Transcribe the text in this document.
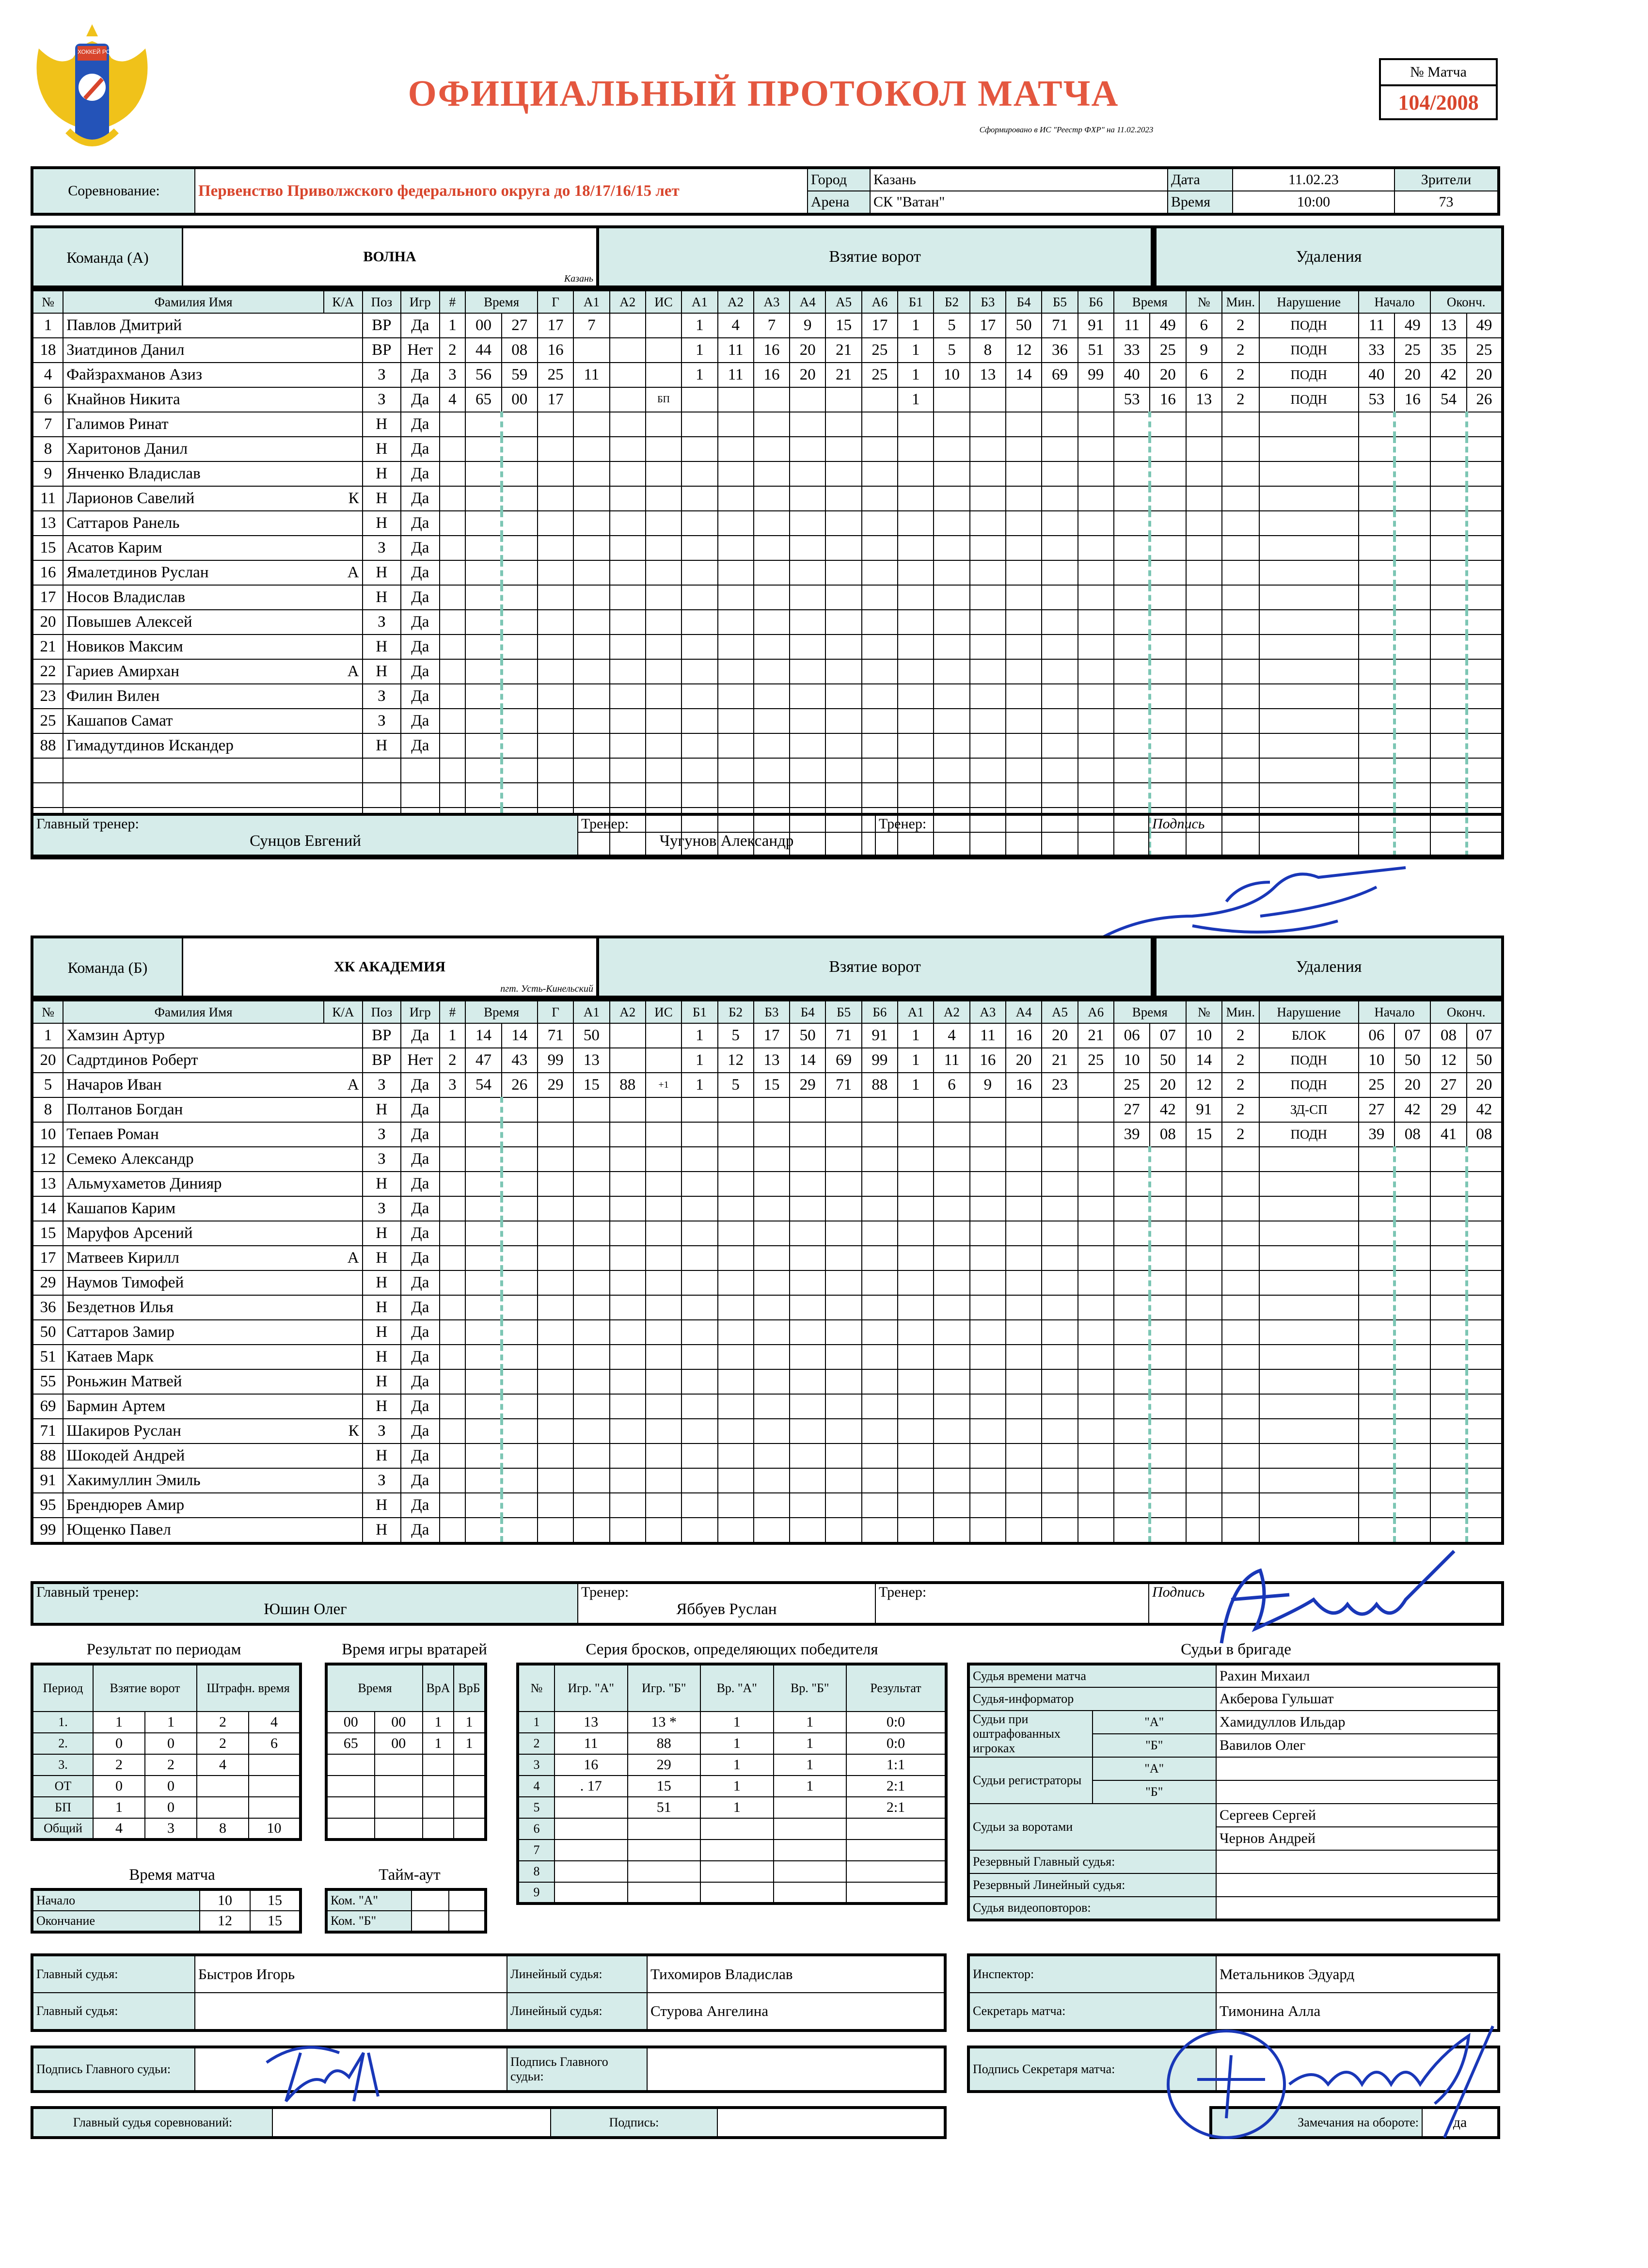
ХОККЕЙ РОССИИ
ОФИЦИАЛЬНЫЙ ПРОТОКОЛ МАТЧА
Сформировано в ИС "Реестр ФХР" на 11.02.2023
№ Матча
104/2008
Соревнование:	Первенство Приволжского федерального округа до 18/17/16/15 лет	Город	Казань	Дата	11.02.23	Зрители
		Арена	СК "Ватан"	Время	10:00	73
Команда (А)	ВОЛНА
Казань
Взятие ворот	Удаления
№	Фамилия Имя	К/А	Поз	Игр	#	Время		Г	А1	А2	ИС	А1	А2	А3	А4	А5	А6	Б1	Б2	Б3	Б4	Б5	Б6	Время		№	Мин.	Нарушение	Начало		Оконч.	
1	Павлов Дмитрий		ВР	Да	1	00	27	17	7			1	4	7	9	15	17	1	5	17	50	71	91	11	49	6	2	ПОДН	11	49	13	49
18	Зиатдинов Данил		ВР	Нет	2	44	08	16				1	11	16	20	21	25	1	5	8	12	36	51	33	25	9	2	ПОДН	33	25	35	25
4	Файзрахманов Азиз		З	Да	3	56	59	25	11			1	11	16	20	21	25	1	10	13	14	69	99	40	20	6	2	ПОДН	40	20	42	20
6	Кнайнов Никита		З	Да	4	65	00	17			БП							1						53	16	13	2	ПОДН	53	16	54	26
7	Галимов Ринат		Н	Да																												
8	Харитонов Данил		Н	Да																												
9	Янченко Владислав		Н	Да																												
11	Ларионов Савелий	К	Н	Да																												
13	Саттаров Ранель		Н	Да																												
15	Асатов Карим		З	Да																												
16	Ямалетдинов Руслан	А	Н	Да																												
17	Носов Владислав		Н	Да																												
20	Повышев Алексей		З	Да																												
21	Новиков Максим		Н	Да																												
22	Гариев Амирхан	А	Н	Да																												
23	Филин Вилен		З	Да																												
25	Кашапов Самат		З	Да																												
88	Гимадутдинов Искандер		Н	Да																												

Главный тренер:
Сунцов Евгений

Тренер:
Чугунов Александр

Тренер:	Подпись
Команда (Б)	ХК АКАДЕМИЯ
пгт. Усть-Кинельский
Взятие ворот	Удаления
№	Фамилия Имя	К/А	Поз	Игр	#	Время		Г	А1	А2	ИС	Б1	Б2	Б3	Б4	Б5	Б6	А1	А2	А3	А4	А5	А6	Время		№	Мин.	Нарушение	Начало		Оконч.	
1	Хамзин Артур		ВР	Да	1	14	14	71	50			1	5	17	50	71	91	1	4	11	16	20	21	06	07	10	2	БЛОК	06	07	08	07
20	Садртдинов Роберт		ВР	Нет	2	47	43	99	13			1	12	13	14	69	99	1	11	16	20	21	25	10	50	14	2	ПОДН	10	50	12	50
5	Начаров Иван	А	З	Да	3	54	26	29	15	88	+1	1	5	15	29	71	88	1	6	9	16	23		25	20	12	2	ПОДН	25	20	27	20
8	Полтанов Богдан		Н	Да																				27	42	91	2	ЗД-СП	27	42	29	42
10	Тепаев Роман		З	Да																				39	08	15	2	ПОДН	39	08	41	08
12	Семеко Александр		З	Да																												
13	Альмухаметов Динияр		Н	Да																												
14	Кашапов Карим		З	Да																												
15	Маруфов Арсений		Н	Да																												
17	Матвеев Кирилл	А	Н	Да																												
29	Наумов Тимофей		Н	Да																												
36	Бездетнов Илья		Н	Да																												
50	Саттаров Замир		Н	Да																												
51	Катаев Марк		Н	Да																												
55	Роньжин Матвей		Н	Да																												
69	Бармин Артем		Н	Да																												
71	Шакиров Руслан	К	З	Да																												
88	Шокодей Андрей		Н	Да																												
91	Хакимуллин Эмиль		З	Да																												
95	Брендюрев Амир		Н	Да																												
99	Ющенко Павел		Н	Да																												
Главный тренер:
Юшин Олег

Тренер:
Яббуев Руслан

Тренер:	Подпись
Результат по периодам
Период	Взятие ворот		Штрафн. время	
1.	1	1	2	4
2.	0	0	2	6
3.	2	2	4	
ОТ	0	0		
БП	1	0		
Общий	4	3	8	10
Время игры вратарей
Время		ВрА	ВрБ
00	00	1	1
65	00	1	1

Время матча
Начало	10	15
Окончание	12	15
Тайм-аут
Ком. "А"		
Ком. "Б"		
Серия бросков, определяющих победителя
№	Игр. "А"	Игр. "Б"	Вр. "А"	Вр. "Б"	Результат
1	13	13 *	1	1	0:0
2	11	88	1	1	0:0
3	16	29	1	1	1:1
4	. 17	15	1	1	2:1
5		51	1		2:1
6					
7					
8					
9					
Судьи в бригаде
Судья времени матча		Рахин Михаил
Судья-информатор		Акберова Гульшат
Судьи при оштрафованных игроках	"А"	Хамидуллов Ильдар
	"Б"	Вавилов Олег
Судьи регистраторы	"А"	
	"Б"	
Судьи за воротами		Сергеев Сергей
		Чернов Андрей
Резервный Главный судья:		
Резервный Линейный судья:		
Судья видеоповторов:		
Главный судья:	Быстров Игорь	Линейный судья:	Тихомиров Владислав
Главный судья:		Линейный судья:	Стурова Ангелина
Инспектор:	Метальников Эдуард
Секретарь матча:	Тимонина Алла
Подпись Главного судьи:		Подпись Главного судьи:	
Подпись Секретаря матча:	
Главный судья соревнований:		Подпись:		Замечания на обороте:	да
